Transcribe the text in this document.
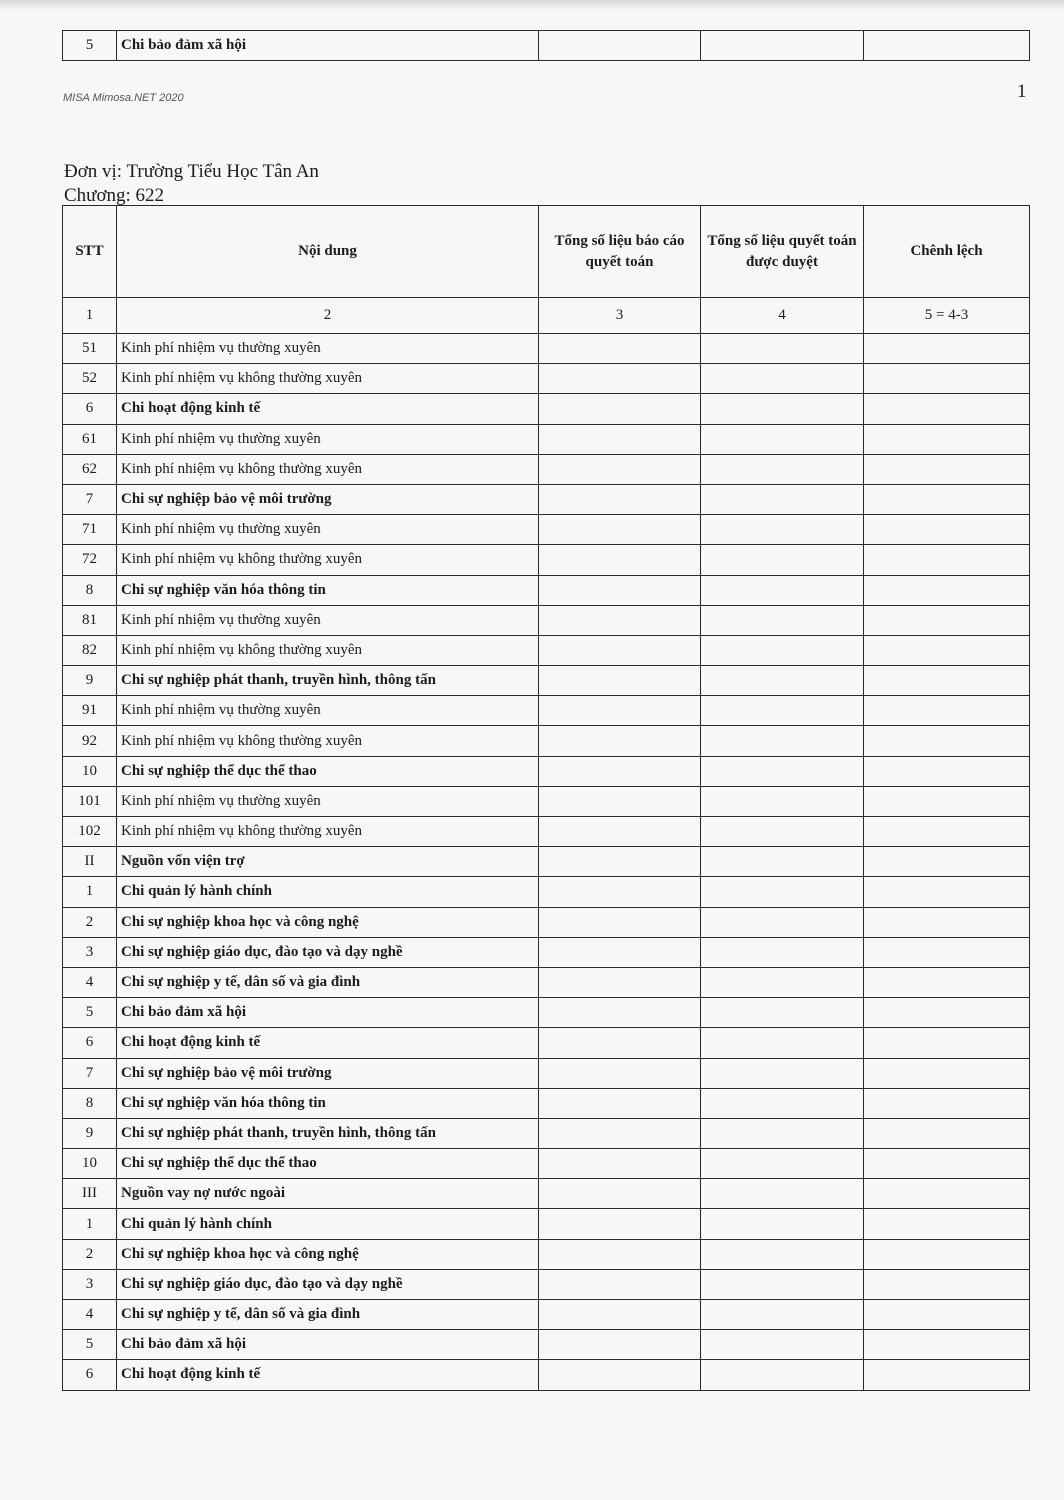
5	Chi bảo đảm xã hội			
MISA Mimosa.NET 2020	1
Đơn vị: Trường Tiểu Học Tân An
Chương: 622
STT	Nội dung	Tổng số liệu báo cáo quyết toán	Tổng số liệu quyết toán được duyệt	Chênh lệch
1	2	3	4	5 = 4-3
51	Kinh phí nhiệm vụ thường xuyên			
52	Kinh phí nhiệm vụ không thường xuyên			
6	Chi hoạt động kinh tế			
61	Kinh phí nhiệm vụ thường xuyên			
62	Kinh phí nhiệm vụ không thường xuyên			
7	Chi sự nghiệp bảo vệ môi trường			
71	Kinh phí nhiệm vụ thường xuyên			
72	Kinh phí nhiệm vụ không thường xuyên			
8	Chi sự nghiệp văn hóa thông tin			
81	Kinh phí nhiệm vụ thường xuyên			
82	Kinh phí nhiệm vụ không thường xuyên			
9	Chi sự nghiệp phát thanh, truyền hình, thông tấn			
91	Kinh phí nhiệm vụ thường xuyên			
92	Kinh phí nhiệm vụ không thường xuyên			
10	Chi sự nghiệp thể dục thể thao			
101	Kinh phí nhiệm vụ thường xuyên			
102	Kinh phí nhiệm vụ không thường xuyên			
II	Nguồn vốn viện trợ			
1	Chi quản lý hành chính			
2	Chi sự nghiệp khoa học và công nghệ			
3	Chi sự nghiệp giáo dục, đào tạo và dạy nghề			
4	Chi sự nghiệp y tế, dân số và gia đình			
5	Chi bảo đảm xã hội			
6	Chi hoạt động kinh tế			
7	Chi sự nghiệp bảo vệ môi trường			
8	Chi sự nghiệp văn hóa thông tin			
9	Chi sự nghiệp phát thanh, truyền hình, thông tấn			
10	Chi sự nghiệp thể dục thể thao			
III	Nguồn vay nợ nước ngoài			
1	Chi quản lý hành chính			
2	Chi sự nghiệp khoa học và công nghệ			
3	Chi sự nghiệp giáo dục, đào tạo và dạy nghề			
4	Chi sự nghiệp y tế, dân số và gia đình			
5	Chi bảo đảm xã hội			
6	Chi hoạt động kinh tế			
